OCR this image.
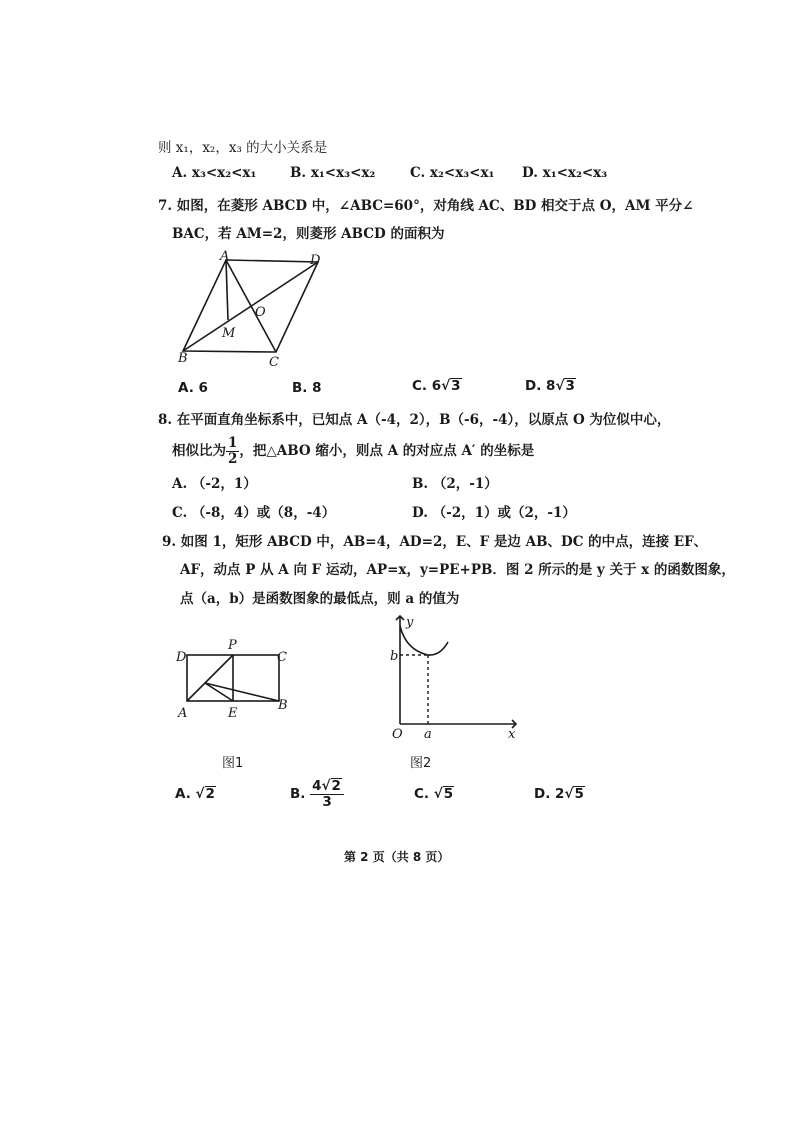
则 x₁，x₂，x₃ 的大小关系是
A. x₃<x₂<x₁ B. x₁<x₃<x₂	C. x₂<x₃<x₁ D. x₁<x₂<x₃
7. 如图，在菱形 ABCD 中，∠ABC=60°，对角线 AC、BD 相交于点 O，AM 平分∠
BAC，若 AM=2，则菱形 ABCD 的面积为
A	D
B	C
O
M
A. 6	B. 8	C. 6√3	D. 8√3
8. 在平面直角坐标系中，已知点 A（-4，2），B（-6，-4），以原点 O 为位似中心，
相似比为 $\frac{1}{2}$ ，把△ABO 缩小，则点 A 的对应点 A′ 的坐标是
A. （-2，1）	B. （2，-1）
C. （-8，4）或（8，-4）	D. （-2，1）或（2，-1）
9. 如图 1，矩形 ABCD 中，AB=4，AD=2，E、F 是边 AB、DC 的中点，连接 EF、
AF，动点 P 从 A 向 F 运动，AP=x，y=PE+PB．图 2 所示的是 y 关于 x 的函数图象，
点（a，b）是函数图象的最低点，则 a 的值为
D
P
C
A	E
B
图1
y
b
O a	x
图2
A. √2	B. $\frac{4√2}{3}$	C. √5	D. 2√5
第 2 页（共 8 页）
